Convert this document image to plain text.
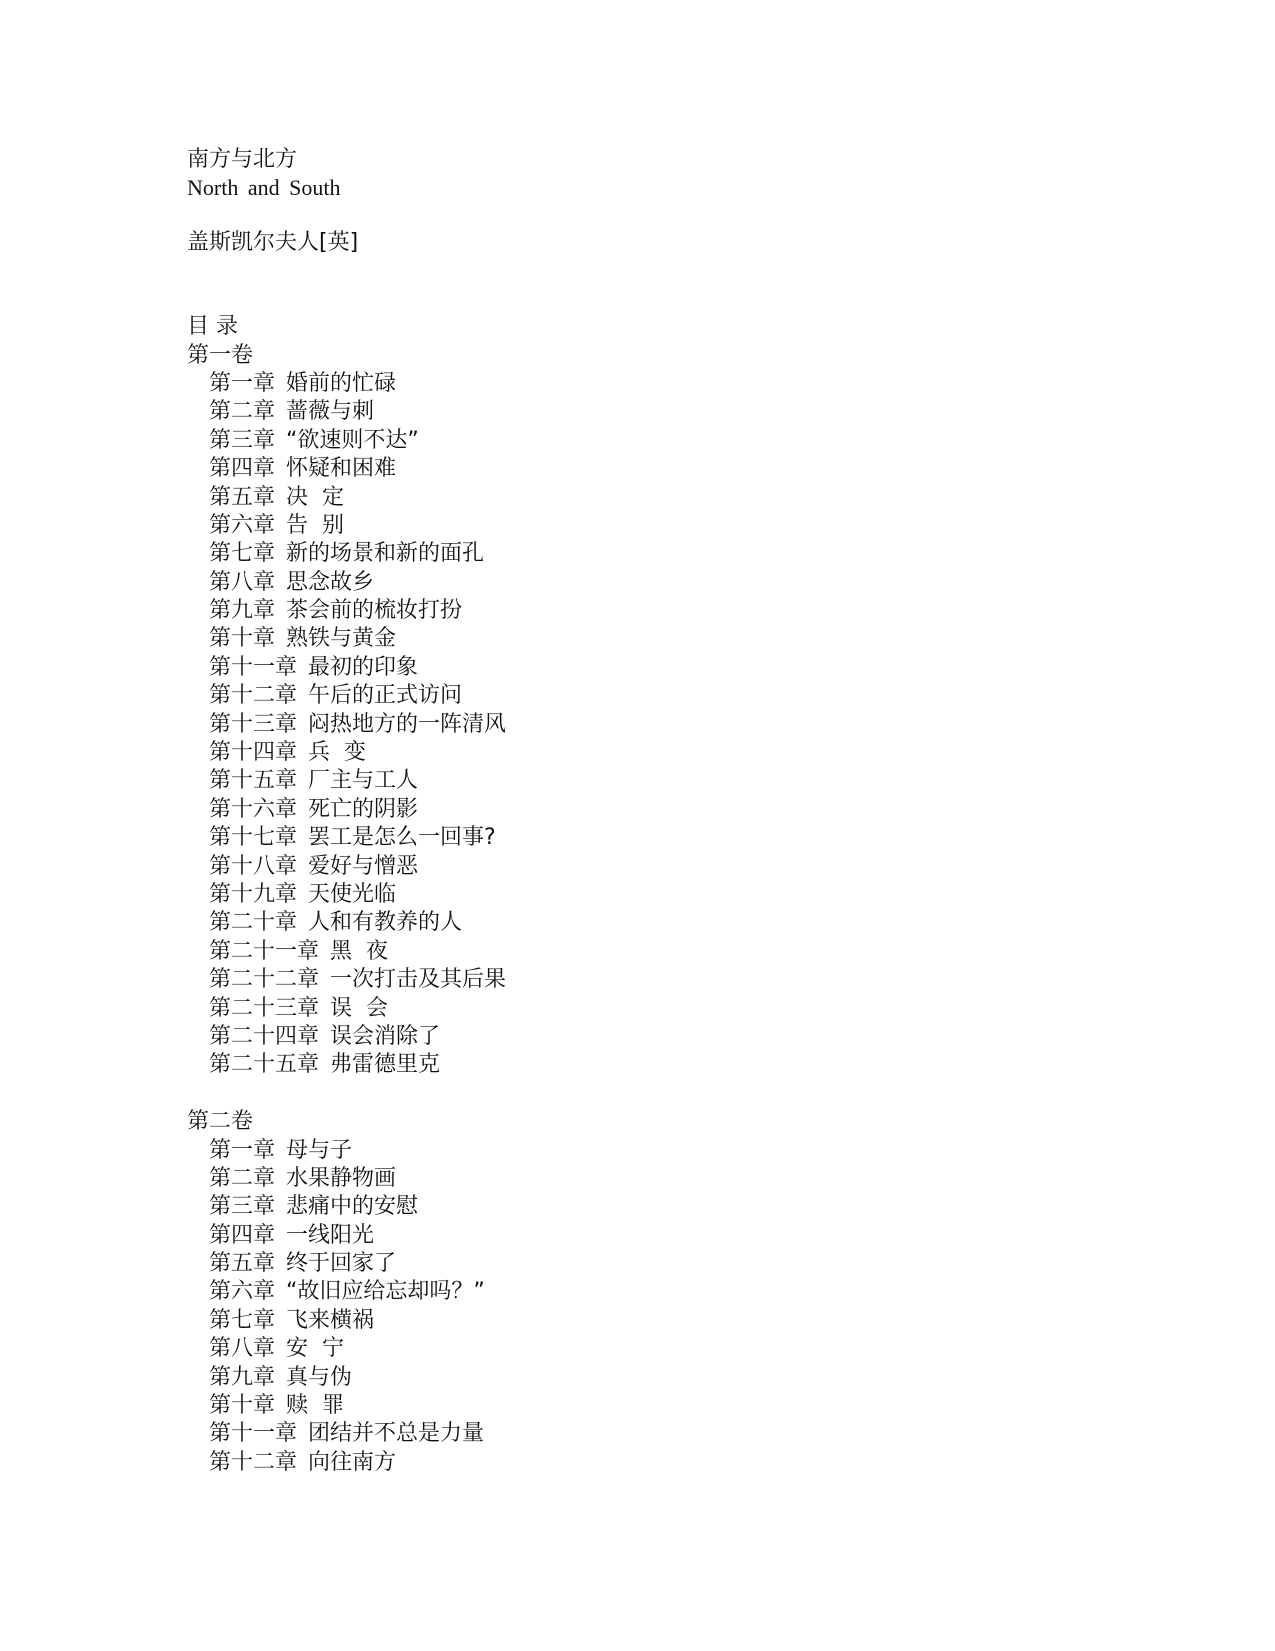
南方与北方
North and South
盖斯凯尔夫人[英]
目 录
第一卷
第一章 婚前的忙碌
第二章 蔷薇与刺
第三章 “欲速则不达”
第四章 怀疑和困难
第五章 决  定
第六章 告  别
第七章 新的场景和新的面孔
第八章 思念故乡
第九章 茶会前的梳妆打扮
第十章 熟铁与黄金
第十一章 最初的印象
第十二章 午后的正式访问
第十三章 闷热地方的一阵清风
第十四章 兵  变
第十五章 厂主与工人
第十六章 死亡的阴影
第十七章 罢工是怎么一回事?
第十八章 爱好与憎恶
第十九章 天使光临
第二十章 人和有教养的人
第二十一章 黑  夜
第二十二章 一次打击及其后果
第二十三章 误  会
第二十四章 误会消除了
第二十五章 弗雷德里克
第二卷
第一章 母与子
第二章 水果静物画
第三章 悲痛中的安慰
第四章 一线阳光
第五章 终于回家了
第六章 “故旧应给忘却吗？”
第七章 飞来横祸
第八章 安  宁
第九章 真与伪
第十章 赎  罪
第十一章 团结并不总是力量
第十二章 向往南方
